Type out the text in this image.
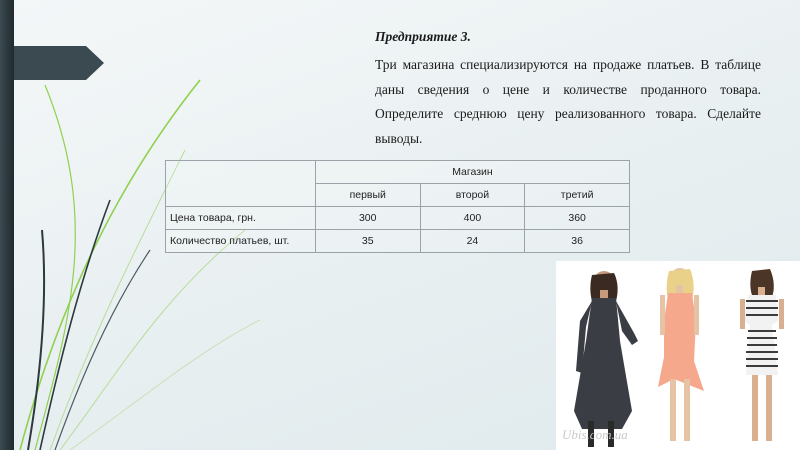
Предприятие 3.

Три магазина специализируются на продаже платьев. В таблице даны сведения о цене и количестве проданного товара. Определите среднюю цену реализованного товара. Сделайте выводы.

	Магазин		
	первый	второй	третий
Цена товара, грн.	300	400	360
Количество платьев, шт.	35	24	36
Ubis.com.ua
